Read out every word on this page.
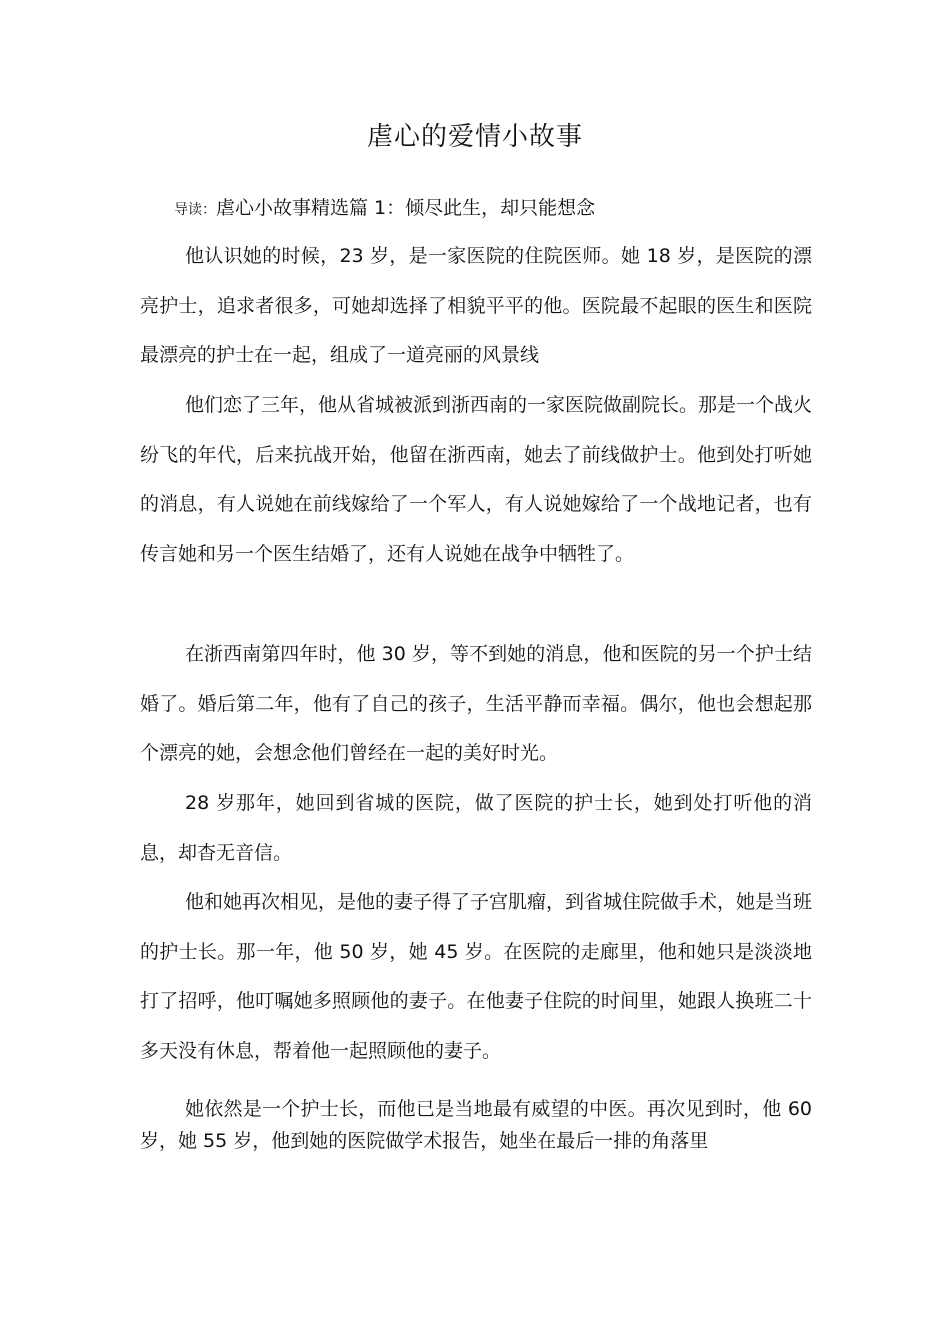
虐心的爱情小故事
导读：虐心小故事精选篇 1：倾尽此生，却只能想念

他认识她的时候，23 岁，是一家医院的住院医师。她 18 岁，是医院的漂亮护士，追求者很多，可她却选择了相貌平平的他。医院最不起眼的医生和医院最漂亮的护士在一起，组成了一道亮丽的风景线

他们恋了三年，他从省城被派到浙西南的一家医院做副院长。那是一个战火纷飞的年代，后来抗战开始，他留在浙西南，她去了前线做护士。他到处打听她的消息，有人说她在前线嫁给了一个军人，有人说她嫁给了一个战地记者，也有传言她和另一个医生结婚了，还有人说她在战争中牺牲了。

在浙西南第四年时，他 30 岁，等不到她的消息，他和医院的另一个护士结婚了。婚后第二年，他有了自己的孩子，生活平静而幸福。偶尔，他也会想起那个漂亮的她，会想念他们曾经在一起的美好时光。

28 岁那年，她回到省城的医院，做了医院的护士长，她到处打听他的消息，却杳无音信。

他和她再次相见，是他的妻子得了子宫肌瘤，到省城住院做手术，她是当班的护士长。那一年，他 50 岁，她 45 岁。在医院的走廊里，他和她只是淡淡地打了招呼，他叮嘱她多照顾他的妻子。在他妻子住院的时间里，她跟人换班二十多天没有休息，帮着他一起照顾他的妻子。

她依然是一个护士长，而他已是当地最有威望的中医。再次见到时，他 60 岁，她 55 岁，他到她的医院做学术报告，她坐在最后一排的角落里
